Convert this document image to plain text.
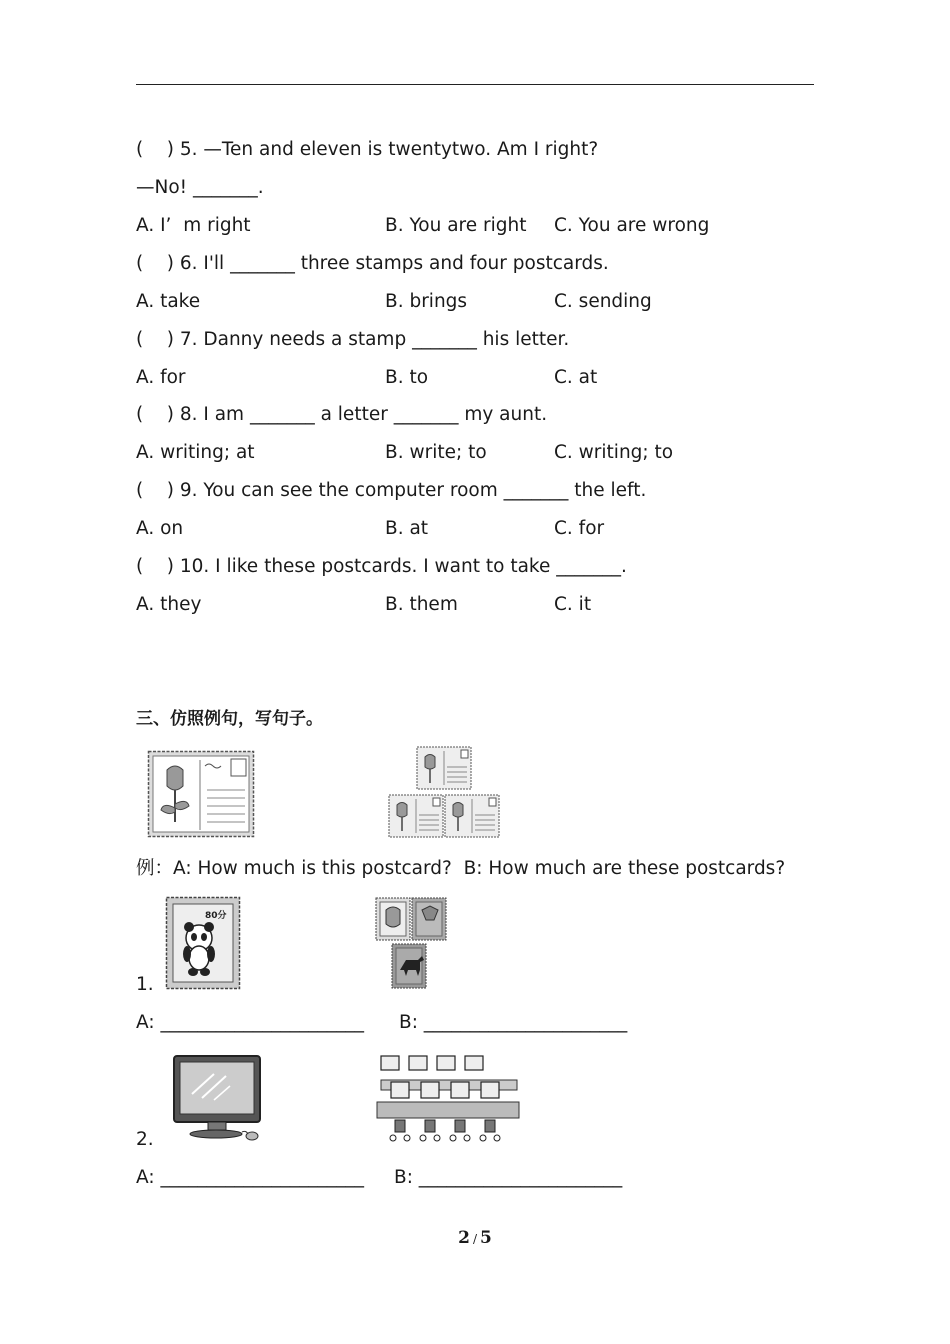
(    ) 5. —Ten and eleven is twentytwo. Am I right?
—No! _______.
A. I’  m right	B. You are right C. You are wrong
(    ) 6. I'll _______ three stamps and four postcards.
A. take	B. brings	C. sending
(    ) 7. Danny needs a stamp _______ his letter.
A. for	B. to	C. at
(    ) 8. I am _______ a letter _______ my aunt.
A. writing; at	B. write; to	C. writing; to
(    ) 9. You can see the computer room _______ the left.
A. on	B. at	C. for
(    ) 10. I like these postcards. I want to take _______.
A. they	B. them	C. it
三、仿照例句，写句子。
例：A: How much is this postcard?  B: How much are these postcards?
80分
1.
A: ______________________ B: ______________________
2.
A: ______________________ B: ______________________
2 / 5
